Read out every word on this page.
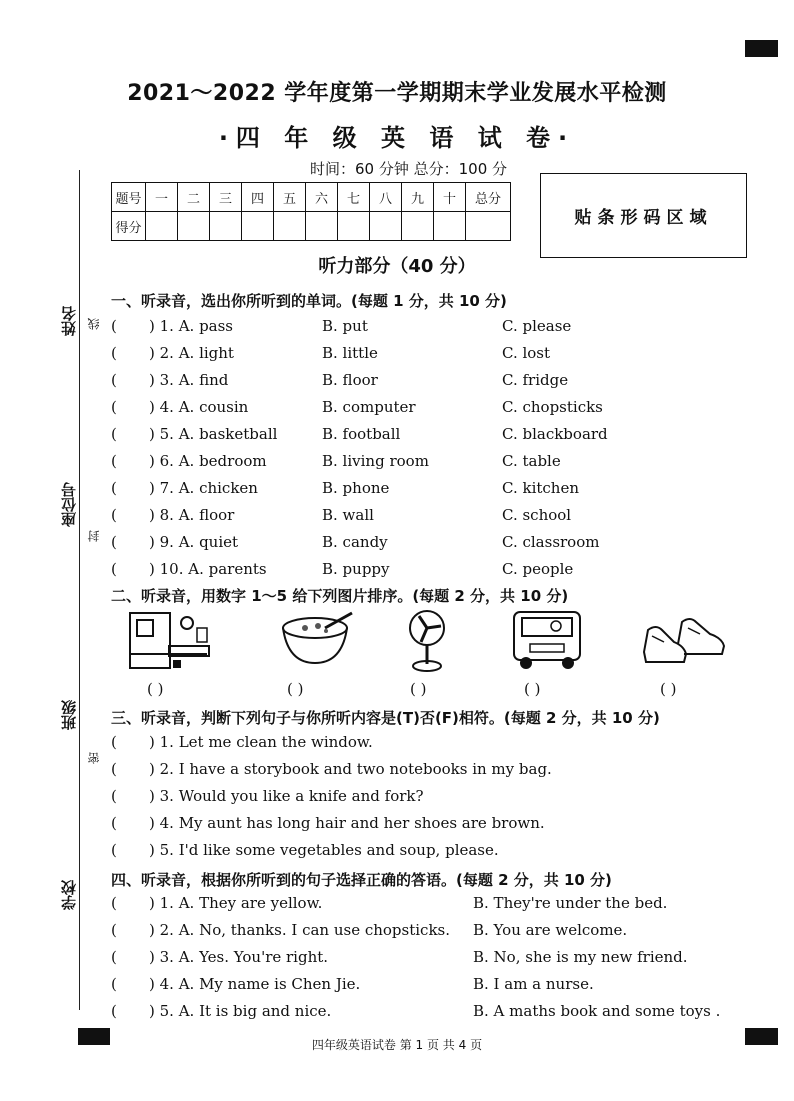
2021～2022 学年度第一学期期末学业发展水平检测
·四 年 级 英 语 试 卷·
时间：60 分钟 总分：100 分
题号	一	二	三	四	五	六	七	八	九	十	总分
得分												贴条形码区域
听力部分（40 分）
姓名 线
座位号
封
班级
密
学校
一、听录音，选出你所听到的单词。(每题 1 分，共 10 分)
( ) 1. A. pass	B. put	C. please
( ) 2. A. light	B. little	C. lost
( ) 3. A. find	B. floor	C. fridge
( ) 4. A. cousin	B. computer	C. chopsticks
( ) 5. A. basketball	B. football	C. blackboard
( ) 6. A. bedroom	B. living room	C. table
( ) 7. A. chicken	B. phone	C. kitchen
( ) 8. A. floor	B. wall	C. school
( ) 9. A. quiet	B. candy	C. classroom
( ) 10. A. parents	B. puppy	C. people
二、听录音，用数字 1～5 给下列图片排序。(每题 2 分，共 10 分)
( )	( )	( )	( )	( )
三、听录音，判断下列句子与你所听内容是(T)否(F)相符。(每题 2 分，共 10 分)
( ) 1. Let me clean the window.
( ) 2. I have a storybook and two notebooks in my bag.
( ) 3. Would you like a knife and fork?
( ) 4. My aunt has long hair and her shoes are brown.
( ) 5. I'd like some vegetables and soup, please.
四、听录音，根据你所听到的句子选择正确的答语。(每题 2 分，共 10 分)
( ) 1. A. They are yellow.	B. They're under the bed.
( ) 2. A. No, thanks. I can use chopsticks. B. You are welcome.
( ) 3. A. Yes. You're right.	B. No, she is my new friend.
( ) 4. A. My name is Chen Jie.	B. I am a nurse.
( ) 5. A. It is big and nice.	B. A maths book and some toys .
四年级英语试卷 第 1 页 共 4 页
